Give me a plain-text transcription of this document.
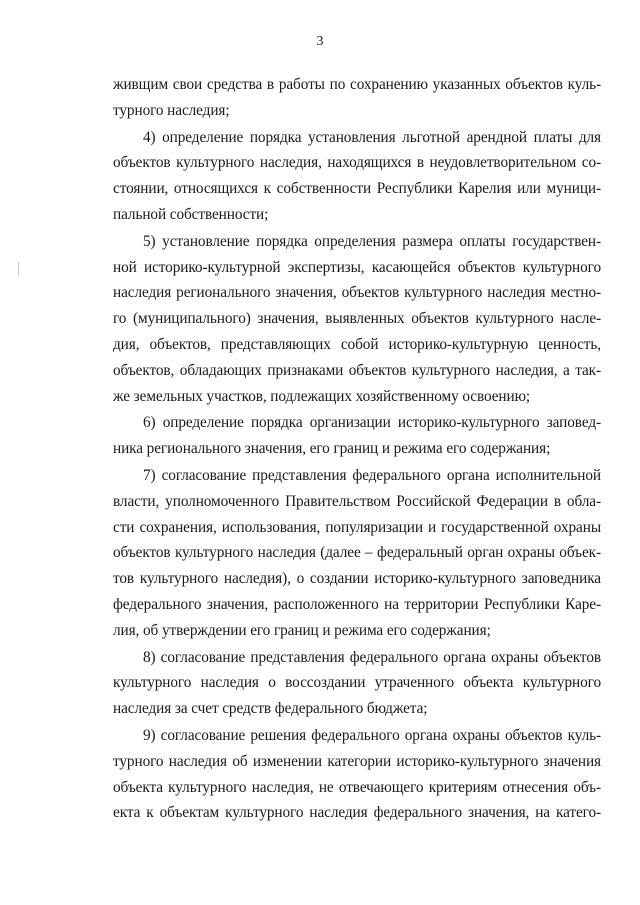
3
живщим свои средства в работы по сохранению указанных объектов куль-
турного наследия;
4) определение порядка установления льготной арендной платы для
объектов культурного наследия, находящихся в неудовлетворительном со-
стоянии, относящихся к собственности Республики Карелия или муници-
пальной собственности;
5) установление порядка определения размера оплаты государствен-
ной историко-культурной экспертизы, касающейся объектов культурного
наследия регионального значения, объектов культурного наследия местно-
го (муниципального) значения, выявленных объектов культурного насле-
дия, объектов, представляющих собой историко-культурную ценность,
объектов, обладающих признаками объектов культурного наследия, а так-
же земельных участков, подлежащих хозяйственному освоению;
6) определение порядка организации историко-культурного заповед-
ника регионального значения, его границ и режима его содержания;
7) согласование представления федерального органа исполнительной
власти, уполномоченного Правительством Российской Федерации в обла-
сти сохранения, использования, популяризации и государственной охраны
объектов культурного наследия (далее – федеральный орган охраны объек-
тов культурного наследия), о создании историко-культурного заповедника
федерального значения, расположенного на территории Республики Каре-
лия, об утверждении его границ и режима его содержания;
8) согласование представления федерального органа охраны объектов
культурного наследия о воссоздании утраченного объекта культурного
наследия за счет средств федерального бюджета;
9) согласование решения федерального органа охраны объектов куль-
турного наследия об изменении категории историко-культурного значения
объекта культурного наследия, не отвечающего критериям отнесения объ-
екта к объектам культурного наследия федерального значения, на катего-
